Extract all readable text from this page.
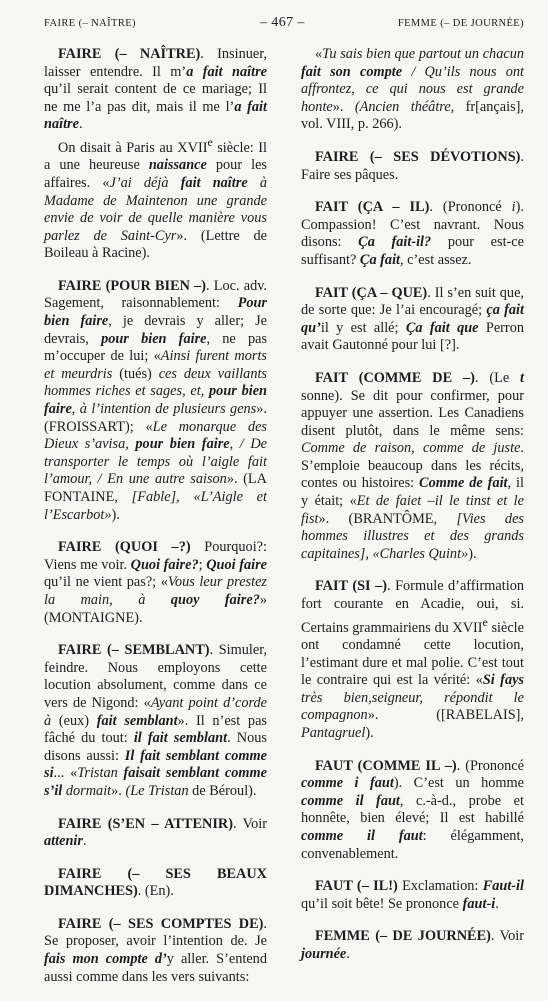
FAIRE (– NAÎTRE)	– 467 –	FEMME (– DE JOURNÉE)
FAIRE (– NAÎTRE). Insinuer, laisser entendre. Il m’a fait naître qu’il serait content de ce mariage; Il ne me l’a pas dit, mais il me l’a fait naître.

On disait à Paris au XVIIe siècle: Il a une heureuse naissance pour les affaires. «J’ai déjà fait naître à Madame de Maintenon une grande envie de voir de quelle manière vous parlez de Saint-Cyr». (Lettre de Boileau à Racine).

FAIRE (POUR BIEN –). Loc. adv. Sagement, raisonnablement: Pour bien faire, je devrais y aller; Je devrais, pour bien faire, ne pas m’occuper de lui; «Ainsi furent morts et meurdris (tués) ces deux vaillants hommes riches et sages, et, pour bien faire, à l’intention de plusieurs gens». (FROISSART); «Le monarque des Dieux s’avisa, pour bien faire, / De transporter le temps où l’aigle fait l’amour, / En une autre saison». (LA FONTAINE, [Fable], «L’Aigle et l’Escarbot»).
FAIRE (QUOI –?) Pourquoi?: Viens me voir. Quoi faire?; Quoi faire qu’il ne vient pas?; «Vous leur prestez la main, à quoy faire?» (MONTAIGNE).
FAIRE (– SEMBLANT). Simuler, feindre. Nous employons cette locution absolument, comme dans ce vers de Nigond: «Ayant point d’corde à (eux) fait semblant». Il n’est pas fâché du tout: il fait semblant. Nous disons aussi: Il fait semblant comme si... «Tristan faisait semblant comme s’il dormait». (Le Tristan de Béroul).
FAIRE (S’EN – ATTENIR). Voir attenir.
FAIRE (– SES BEAUX DIMANCHES). (En).
FAIRE (– SES COMPTES DE). Se proposer, avoir l’intention de. Je fais mon compte d’y aller. S’entend aussi comme dans les vers suivants:
«Tu sais bien que partout un chacun fait son compte / Qu’ils nous ont affrontez, ce qui nous est grande honte». (Ancien théâtre, fr[ançais], vol. VIII, p. 266).
FAIRE (– SES DÉVOTIONS). Faire ses pâques.
FAIT (ÇA – IL). (Prononcé i). Compassion! C’est navrant. Nous disons: Ça fait-il? pour est-ce suffisant? Ça fait, c’est assez.
FAIT (ÇA – QUE). Il s’en suit que, de sorte que: Je l’ai encouragé; ça fait qu’il y est allé; Ça fait que Perron avait Gautonné pour lui [?].
FAIT (COMME DE –). (Le t sonne). Se dit pour confirmer, pour appuyer une assertion. Les Canadiens disent plutôt, dans le même sens: Comme de raison, comme de juste. S’emploie beaucoup dans les récits, contes ou histoires: Comme de fait, il y était; «Et de faiet –il le tinst et le fist». (BRANTÔME, [Vies des hommes illustres et des grands capitaines], «Charles Quint»).
FAIT (SI –). Formule d’affirmation fort courante en Acadie, oui, si. Certains grammairiens du XVIIe siècle ont condamné cette locution, l’estimant dure et mal polie. C’est tout le contraire qui est la vérité: «Si fays très bien,seigneur, répondit le compagnon». ([RABELAIS], Pantagruel).
FAUT (COMME IL –). (Prononcé comme i faut). C’est un homme comme il faut, c.-à-d., probe et honnête, bien élevé; Il est habillé comme il faut: élégamment, convenablement.
FAUT (– IL!) Exclamation: Faut-il qu’il soit bête! Se prononce faut-i.
FEMME (– DE JOURNÉE). Voir journée.
